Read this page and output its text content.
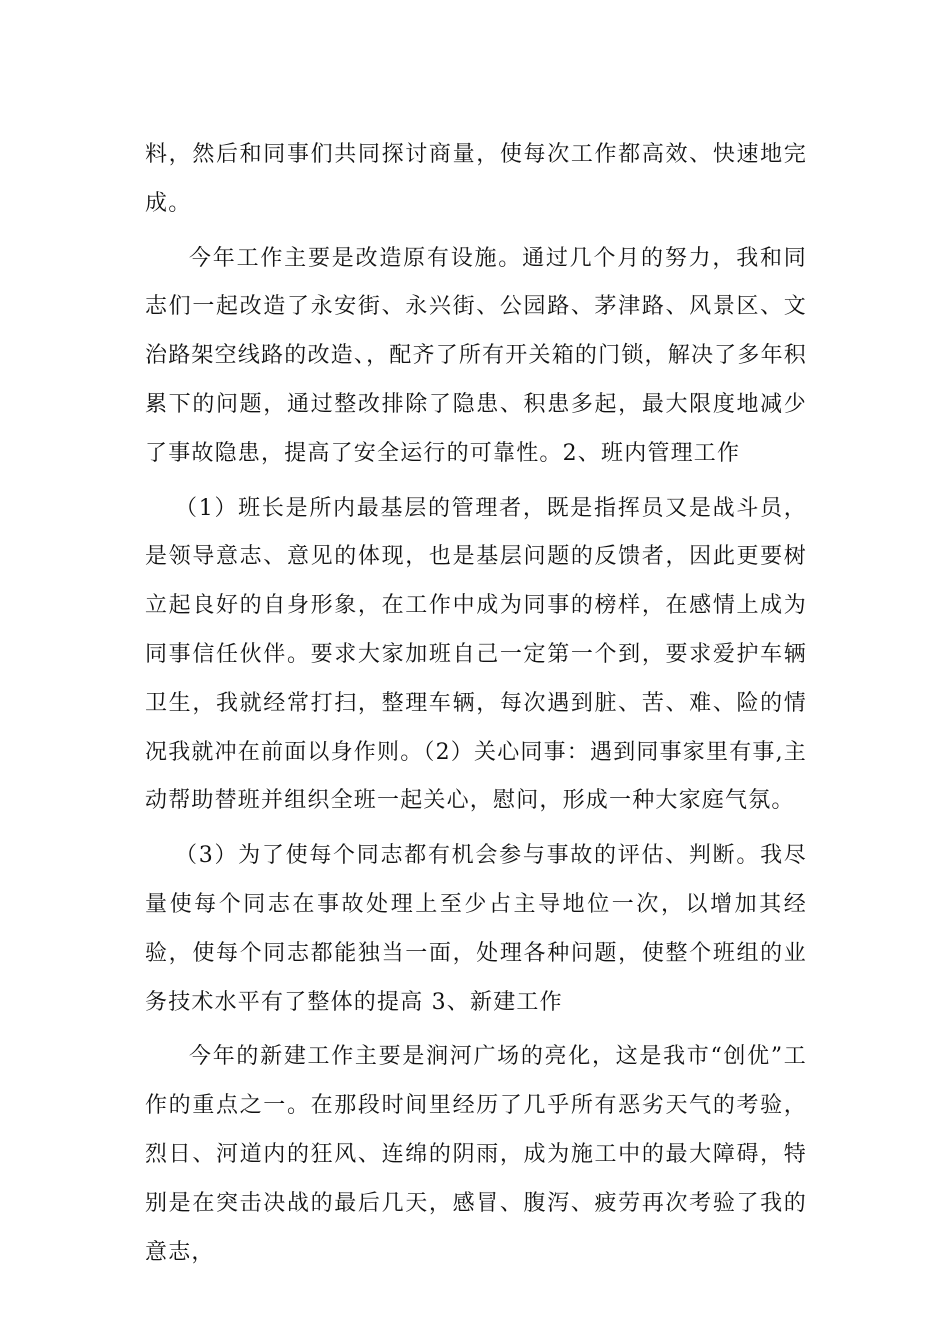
料，然后和同事们共同探讨商量，使每次工作都高效、快速地完成。

今年工作主要是改造原有设施。通过几个月的努力，我和同志们一起改造了永安街、永兴街、公园路、茅津路、风景区、文治路架空线路的改造、，配齐了所有开关箱的门锁，解决了多年积累下的问题，通过整改排除了隐患、积患多起，最大限度地减少了事故隐患，提高了安全运行的可靠性。2、班内管理工作

（1）班长是所内最基层的管理者，既是指挥员又是战斗员，是领导意志、意见的体现，也是基层问题的反馈者，因此更要树立起良好的自身形象，在工作中成为同事的榜样，在感情上成为同事信任伙伴。要求大家加班自己一定第一个到，要求爱护车辆卫生，我就经常打扫，整理车辆，每次遇到脏、苦、难、险的情况我就冲在前面以身作则。（2）关心同事：遇到同事家里有事,主动帮助替班并组织全班一起关心，慰问，形成一种大家庭气氛。

（3）为了使每个同志都有机会参与事故的评估、判断。我尽量使每个同志在事故处理上至少占主导地位一次，以增加其经验，使每个同志都能独当一面，处理各种问题，使整个班组的业务技术水平有了整体的提高 3、新建工作

今年的新建工作主要是涧河广场的亮化，这是我市“创优”工作的重点之一。在那段时间里经历了几乎所有恶劣天气的考验，烈日、河道内的狂风、连绵的阴雨，成为施工中的最大障碍，特别是在突击决战的最后几天，感冒、腹泻、疲劳再次考验了我的意志，
